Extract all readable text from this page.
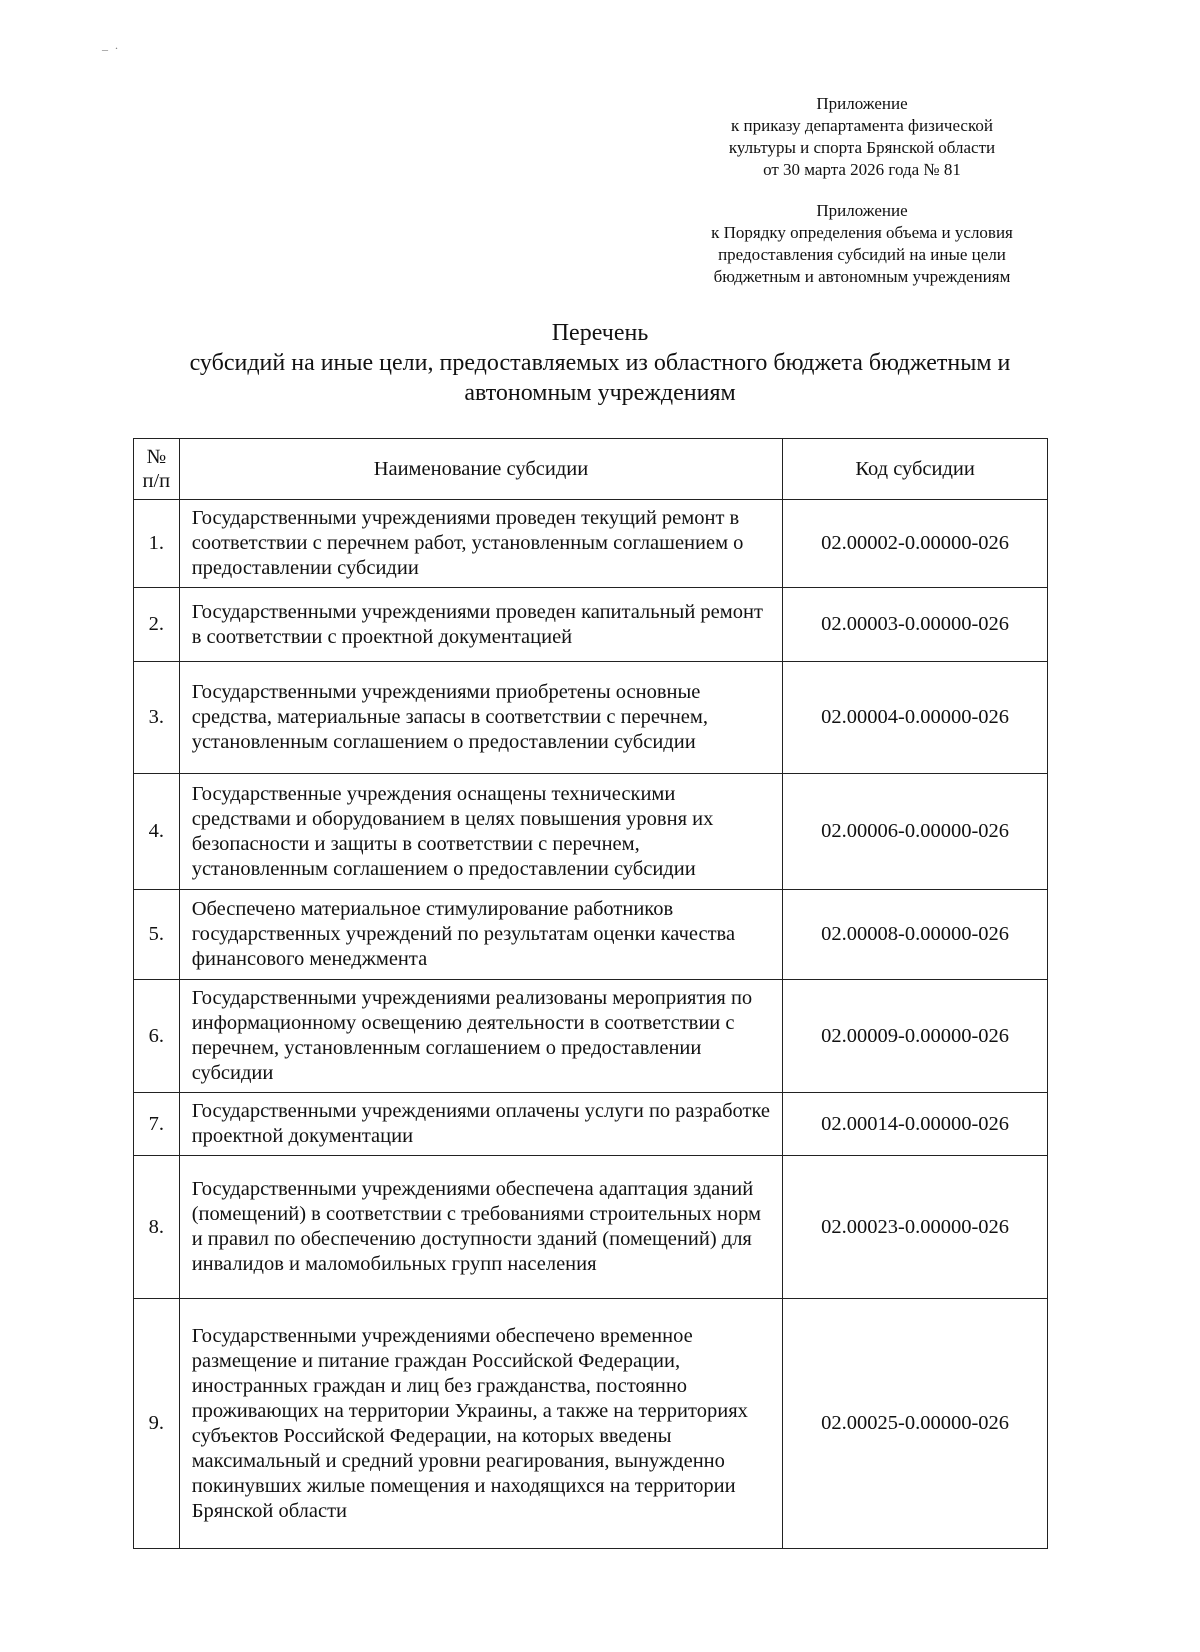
_ .
Приложение
к приказу департамента физической
культуры и спорта Брянской области
от 30 марта 2026 года № 81
Приложение
к Порядку определения объема и условия
предоставления субсидий на иные цели
бюджетным и автономным учреждениям
Перечень
субсидий на иные цели, предоставляемых из областного бюджета бюджетным и
автономным учреждениям
№
п/п	Наименование субсидии	Код субсидии
1.	Государственными учреждениями проведен текущий ремонт в соответствии с перечнем работ, установленным соглашением о предоставлении субсидии	02.00002-0.00000-026
2.	Государственными учреждениями проведен капитальный ремонт в соответствии с проектной документацией	02.00003-0.00000-026
3.	Государственными учреждениями приобретены основные средства, материальные запасы в соответствии с перечнем, установленным соглашением о предоставлении субсидии	02.00004-0.00000-026
4.	Государственные учреждения оснащены техническими средствами и оборудованием в целях повышения уровня их безопасности и защиты в соответствии с перечнем, установленным соглашением о предоставлении субсидии	02.00006-0.00000-026
5.	Обеспечено материальное стимулирование работников государственных учреждений по результатам оценки качества финансового менеджмента	02.00008-0.00000-026
6.	Государственными учреждениями реализованы мероприятия по информационному освещению деятельности в соответствии с перечнем, установленным соглашением о предоставлении субсидии	02.00009-0.00000-026
7.	Государственными учреждениями оплачены услуги по разработке проектной документации	02.00014-0.00000-026
8.	Государственными учреждениями обеспечена адаптация зданий (помещений) в соответствии с требованиями строительных норм и правил по обеспечению доступности зданий (помещений) для инвалидов и маломобильных групп населения	02.00023-0.00000-026
9.	Государственными учреждениями обеспечено временное размещение и питание граждан Российской Федерации, иностранных граждан и лиц без гражданства, постоянно проживающих на территории Украины, а также на территориях субъектов Российской Федерации, на которых введены максимальный и средний уровни реагирования, вынужденно покинувших жилые помещения и находящихся на территории Брянской области	02.00025-0.00000-026
